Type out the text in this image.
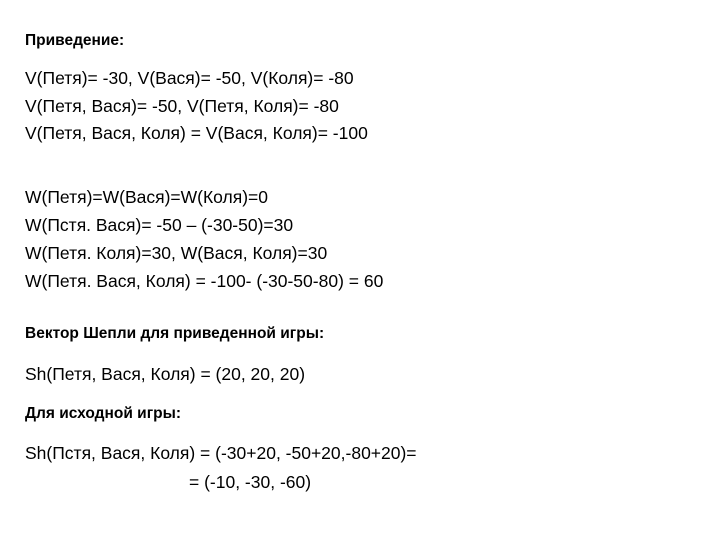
Приведение:
V(Петя)= -30, V(Вася)= -50, V(Коля)= -80
V(Петя, Вася)= -50, V(Петя, Коля)= -80
V(Петя, Вася, Коля) = V(Вася, Коля)= -100
W(Петя)=W(Вася)=W(Коля)=0
W(Пстя. Вася)= -50 – (-30-50)=30
W(Петя. Коля)=30, W(Вася, Коля)=30
W(Петя. Вася, Коля) = -100- (-30-50-80) = 60
Вектор Шепли для приведенной игры:
Sh(Петя, Вася, Коля) = (20, 20, 20)
Для исходной игры:
Sh(Пстя, Вася, Коля) = (-30+20, -50+20,-80+20)=
= (-10, -30, -60)
